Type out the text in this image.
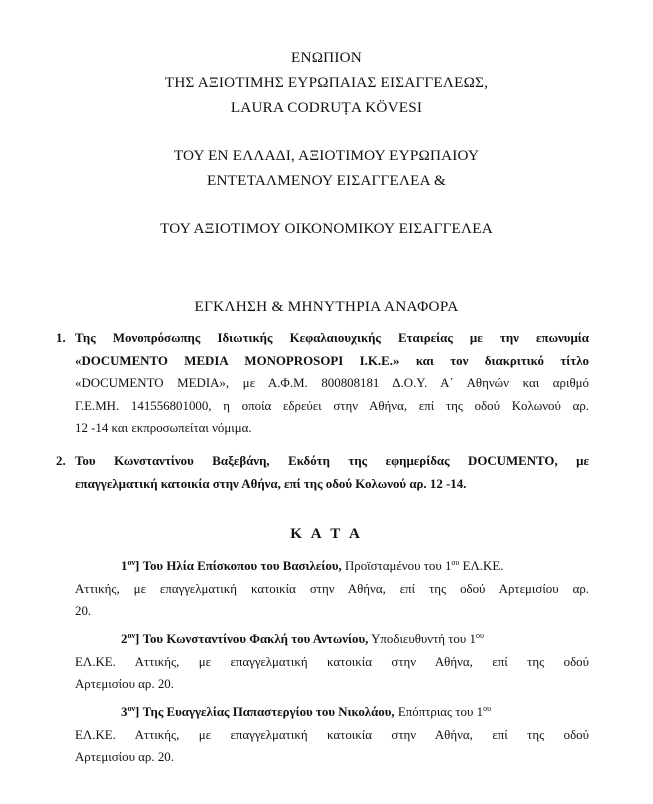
ΕΝΩΠΙΟΝ
ΤΗΣ ΑΞΙΟΤΙΜΗΣ ΕΥΡΩΠΑΙΑΣ ΕΙΣΑΓΓΕΛΕΩΣ,
LAURA CODRUȚA KÖVESI
ΤΟΥ ΕΝ ΕΛΛΑΔΙ, ΑΞΙΟΤΙΜΟΥ ΕΥΡΩΠΑΙΟΥ
ΕΝΤΕΤΑΛΜΕΝΟΥ ΕΙΣΑΓΓΕΛΕΑ &
ΤΟΥ ΑΞΙΟΤΙΜΟΥ ΟΙΚΟΝΟΜΙΚΟΥ ΕΙΣΑΓΓΕΛΕΑ
ΕΓΚΛΗΣΗ & ΜΗΝΥΤΗΡΙΑ ΑΝΑΦΟΡΑ
1. Της Μονοπρόσωπης Ιδιωτικής Κεφαλαιουχικής Εταιρείας με την επωνυμία
«DOCUMENTO MEDIA MONOPROSOPI I.K.E.» και τον διακριτικό τίτλο
«DOCUMENTO MEDIA», με Α.Φ.Μ. 800808181 Δ.Ο.Υ. Α΄ Αθηνών και αριθμό
Γ.Ε.ΜΗ. 141556801000, η οποία εδρεύει στην Αθήνα, επί της οδού Κολωνού αρ.
12 -14 και εκπροσωπείται νόμιμα.
2. Του Κωνσταντίνου Βαξεβάνη, Εκδότη της εφημερίδας DOCUMENTO, με
επαγγελματική κατοικία στην Αθήνα, επί της οδού Κολωνού αρ. 12 -14.
Κ Α Τ Α
$1^{o\nu}$] Του Ηλία Επίσκοπου του Βασιλείου, Προϊσταμένου του $1^{o\upsilon}$ ΕΛ.ΚΕ.
Αττικής, με επαγγελματική κατοικία στην Αθήνα, επί της οδού Αρτεμισίου αρ.
20.
$2^{o\nu}$] Του Κωνσταντίνου Φακλή του Αντωνίου, Υποδιευθυντή του $1^{o\upsilon}$
ΕΛ.ΚΕ. Αττικής, με επαγγελματική κατοικία στην Αθήνα, επί της οδού
Αρτεμισίου αρ. 20.
$3^{o\nu}$] Της Ευαγγελίας Παπαστεργίου του Νικολάου, Επόπτριας του $1^{o\upsilon}$
ΕΛ.ΚΕ. Αττικής, με επαγγελματική κατοικία στην Αθήνα, επί της οδού
Αρτεμισίου αρ. 20.
